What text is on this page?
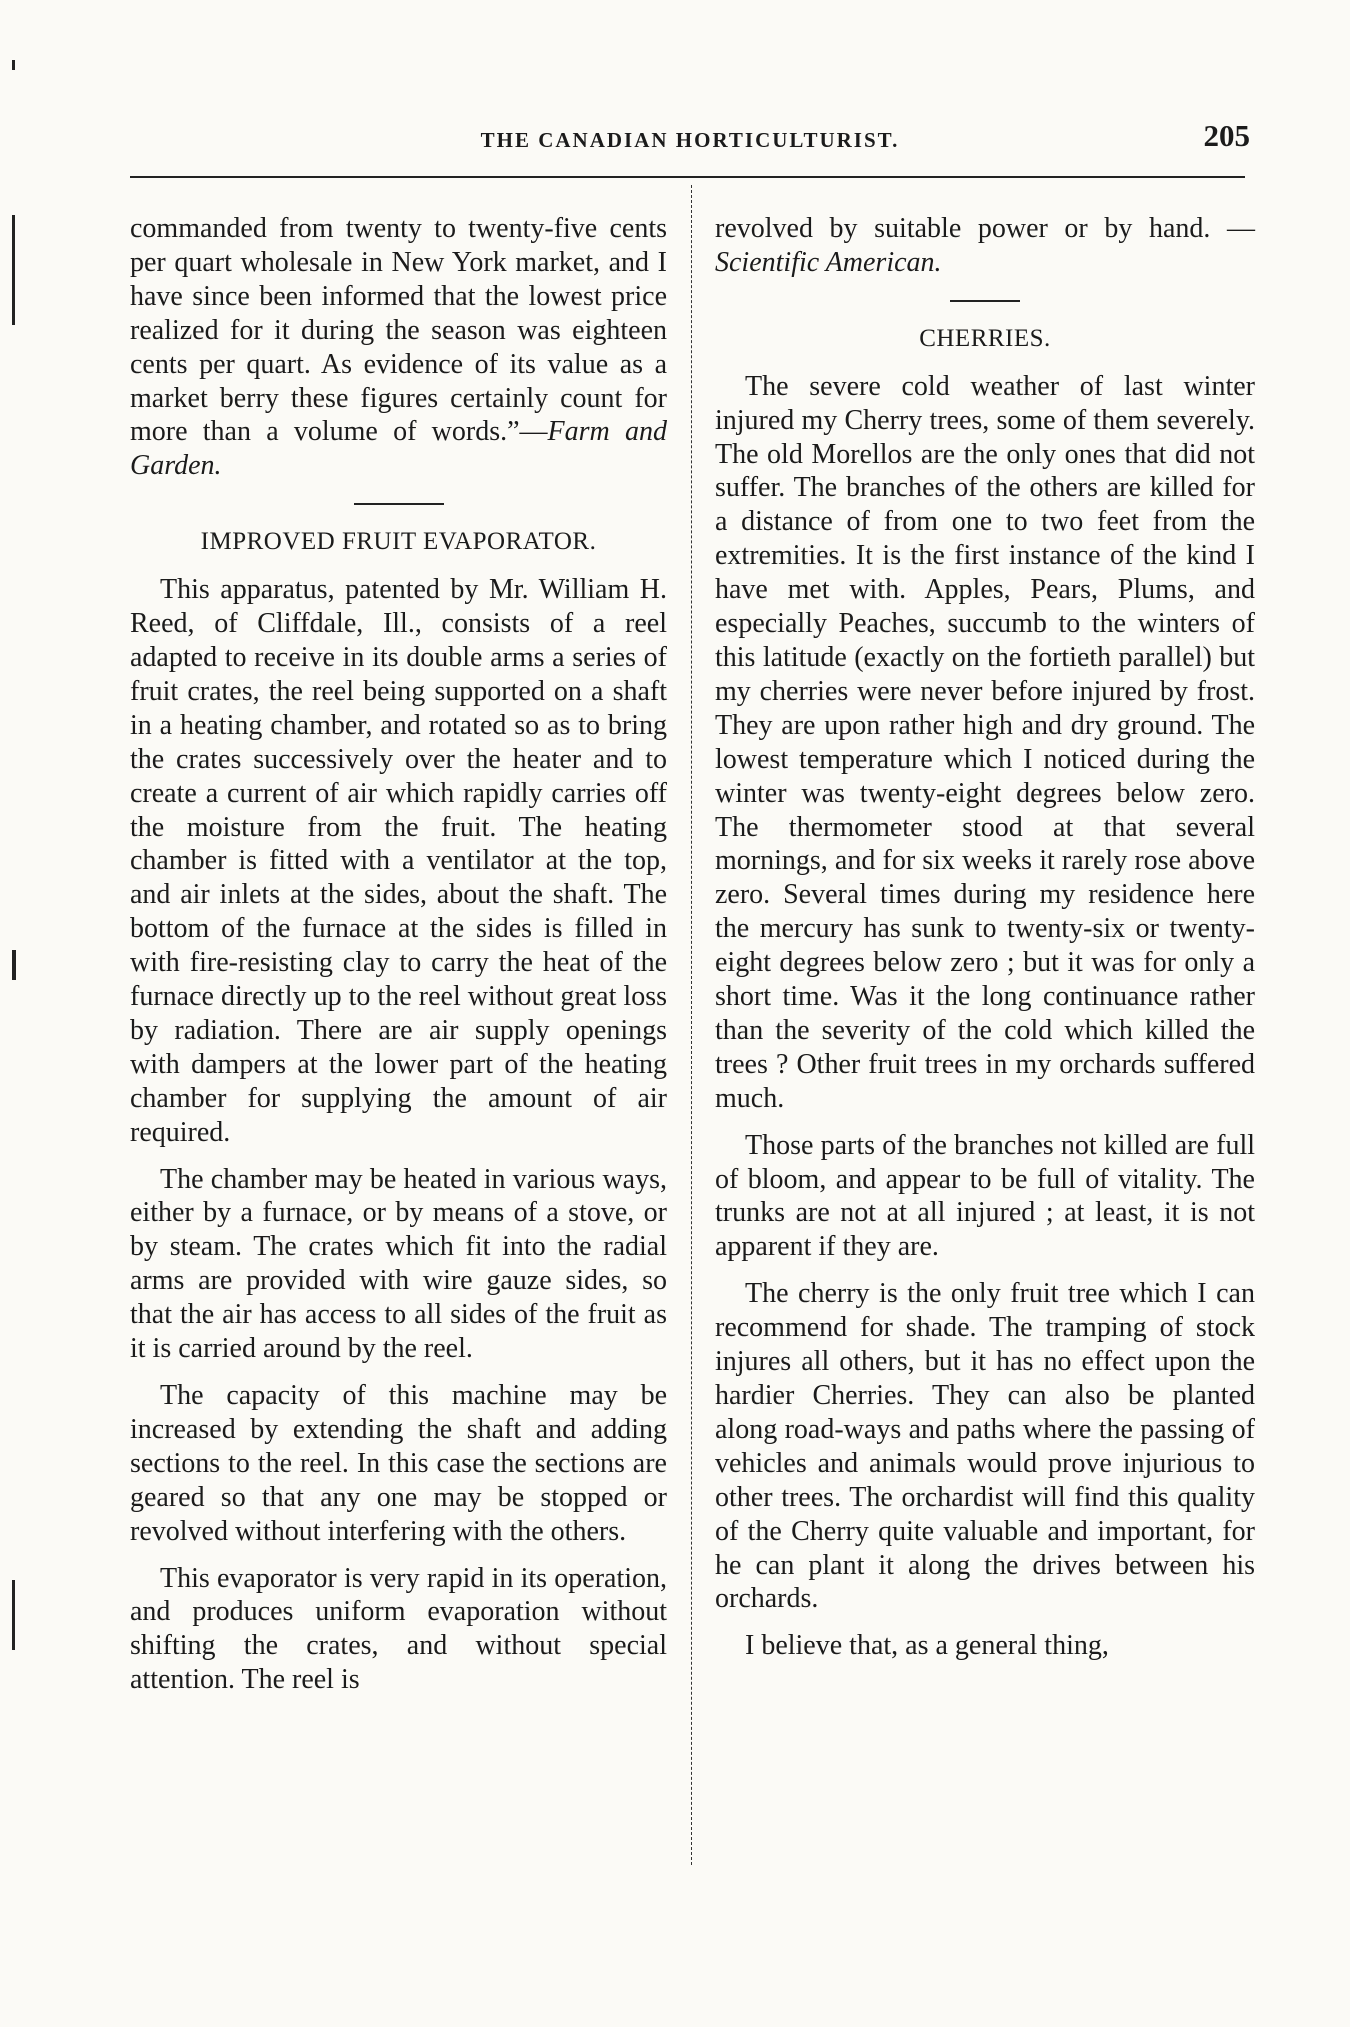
THE CANADIAN HORTICULTURIST.	205

commanded from twenty to twenty-five cents per quart wholesale in New York market, and I have since been informed that the lowest price realized for it during the season was eighteen cents per quart. As evidence of its value as a market berry these figures certainly count for more than a volume of words.”—Farm and Garden.

IMPROVED FRUIT EVAPORATOR.

This apparatus, patented by Mr. William H. Reed, of Cliffdale, Ill., consists of a reel adapted to receive in its double arms a series of fruit crates, the reel being supported on a shaft in a heating chamber, and rotated so as to bring the crates successively over the heater and to create a current of air which rapidly carries off the moisture from the fruit. The heating chamber is fitted with a ventilator at the top, and air inlets at the sides, about the shaft. The bottom of the furnace at the sides is filled in with fire-resisting clay to carry the heat of the furnace directly up to the reel without great loss by radiation. There are air supply openings with dampers at the lower part of the heating chamber for supplying the amount of air required.

The chamber may be heated in various ways, either by a furnace, or by means of a stove, or by steam. The crates which fit into the radial arms are provided with wire gauze sides, so that the air has access to all sides of the fruit as it is carried around by the reel.

The capacity of this machine may be increased by extending the shaft and adding sections to the reel. In this case the sections are geared so that any one may be stopped or revolved without interfering with the others.

This evaporator is very rapid in its operation, and produces uniform evaporation without shifting the crates, and without special attention. The reel is

revolved by suitable power or by hand. — Scientific American.

CHERRIES.

The severe cold weather of last winter injured my Cherry trees, some of them severely. The old Morellos are the only ones that did not suffer. The branches of the others are killed for a distance of from one to two feet from the extremities. It is the first instance of the kind I have met with. Apples, Pears, Plums, and especially Peaches, succumb to the winters of this latitude (exactly on the fortieth parallel) but my cherries were never before injured by frost. They are upon rather high and dry ground. The lowest temperature which I noticed during the winter was twenty-eight degrees below zero. The thermometer stood at that several mornings, and for six weeks it rarely rose above zero. Several times during my residence here the mercury has sunk to twenty-six or twenty-eight degrees below zero ; but it was for only a short time. Was it the long continuance rather than the severity of the cold which killed the trees ? Other fruit trees in my orchards suffered much.

Those parts of the branches not killed are full of bloom, and appear to be full of vitality. The trunks are not at all injured ; at least, it is not apparent if they are.

The cherry is the only fruit tree which I can recommend for shade. The tramping of stock injures all others, but it has no effect upon the hardier Cherries. They can also be planted along road-ways and paths where the passing of vehicles and animals would prove injurious to other trees. The orchardist will find this quality of the Cherry quite valuable and important, for he can plant it along the drives between his orchards.

I believe that, as a general thing,
